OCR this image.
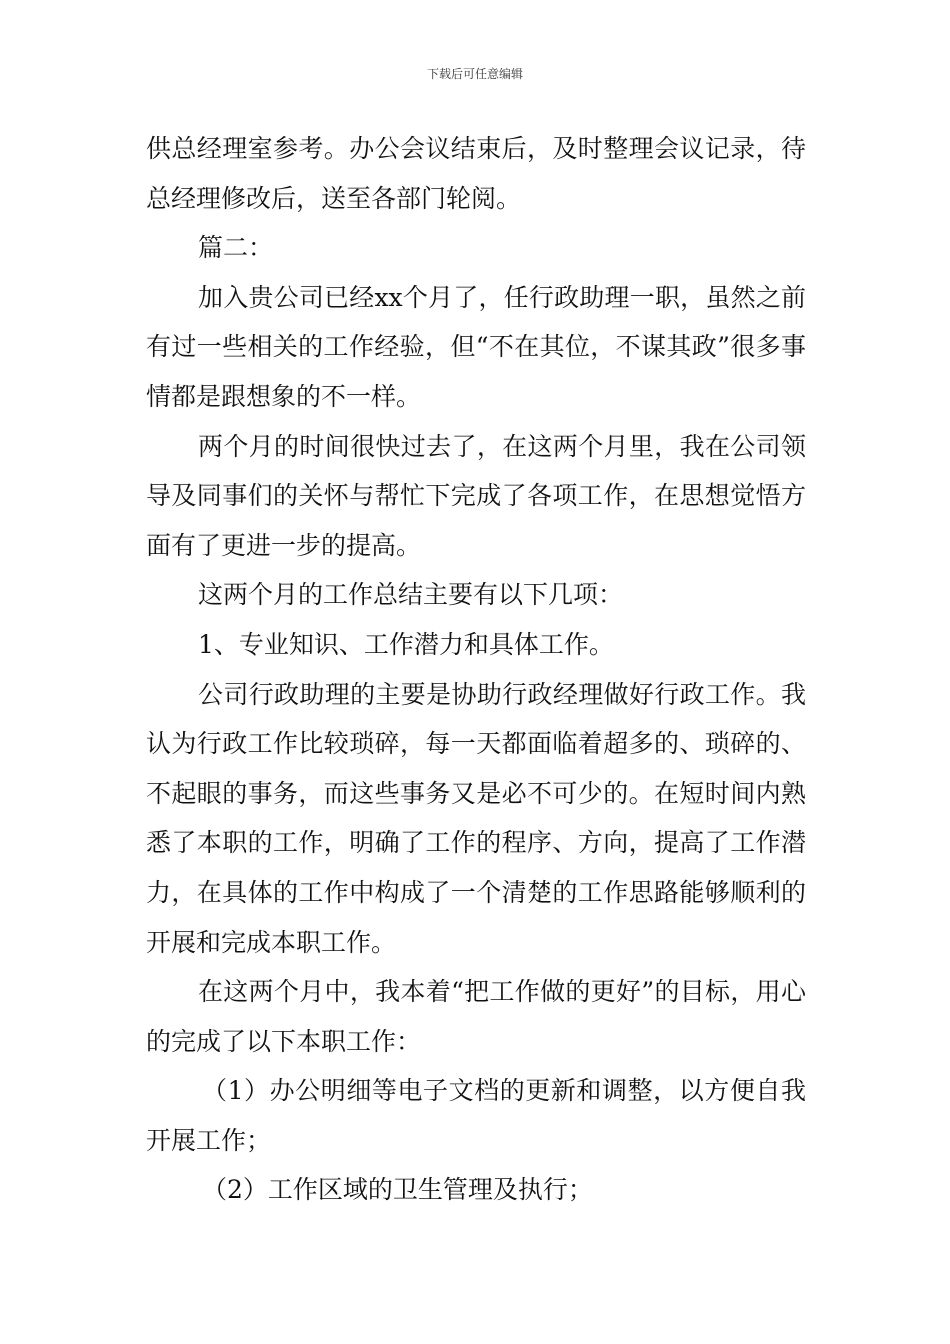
下载后可任意编辑

供总经理室参考。办公会议结束后，及时整理会议记录，待总经理修改后，送至各部门轮阅。

篇二：

加入贵公司已经xx个月了，任行政助理一职，虽然之前有过一些相关的工作经验，但“不在其位，不谋其政”很多事情都是跟想象的不一样。

两个月的时间很快过去了，在这两个月里，我在公司领导及同事们的关怀与帮忙下完成了各项工作，在思想觉悟方面有了更进一步的提高。

这两个月的工作总结主要有以下几项：

1、专业知识、工作潜力和具体工作。

公司行政助理的主要是协助行政经理做好行政工作。我认为行政工作比较琐碎，每一天都面临着超多的、琐碎的、不起眼的事务，而这些事务又是必不可少的。在短时间内熟悉了本职的工作，明确了工作的程序、方向，提高了工作潜力，在具体的工作中构成了一个清楚的工作思路能够顺利的开展和完成本职工作。

在这两个月中，我本着“把工作做的更好”的目标，用心的完成了以下本职工作：

（1）办公明细等电子文档的更新和调整，以方便自我开展工作；

（2）工作区域的卫生管理及执行；
